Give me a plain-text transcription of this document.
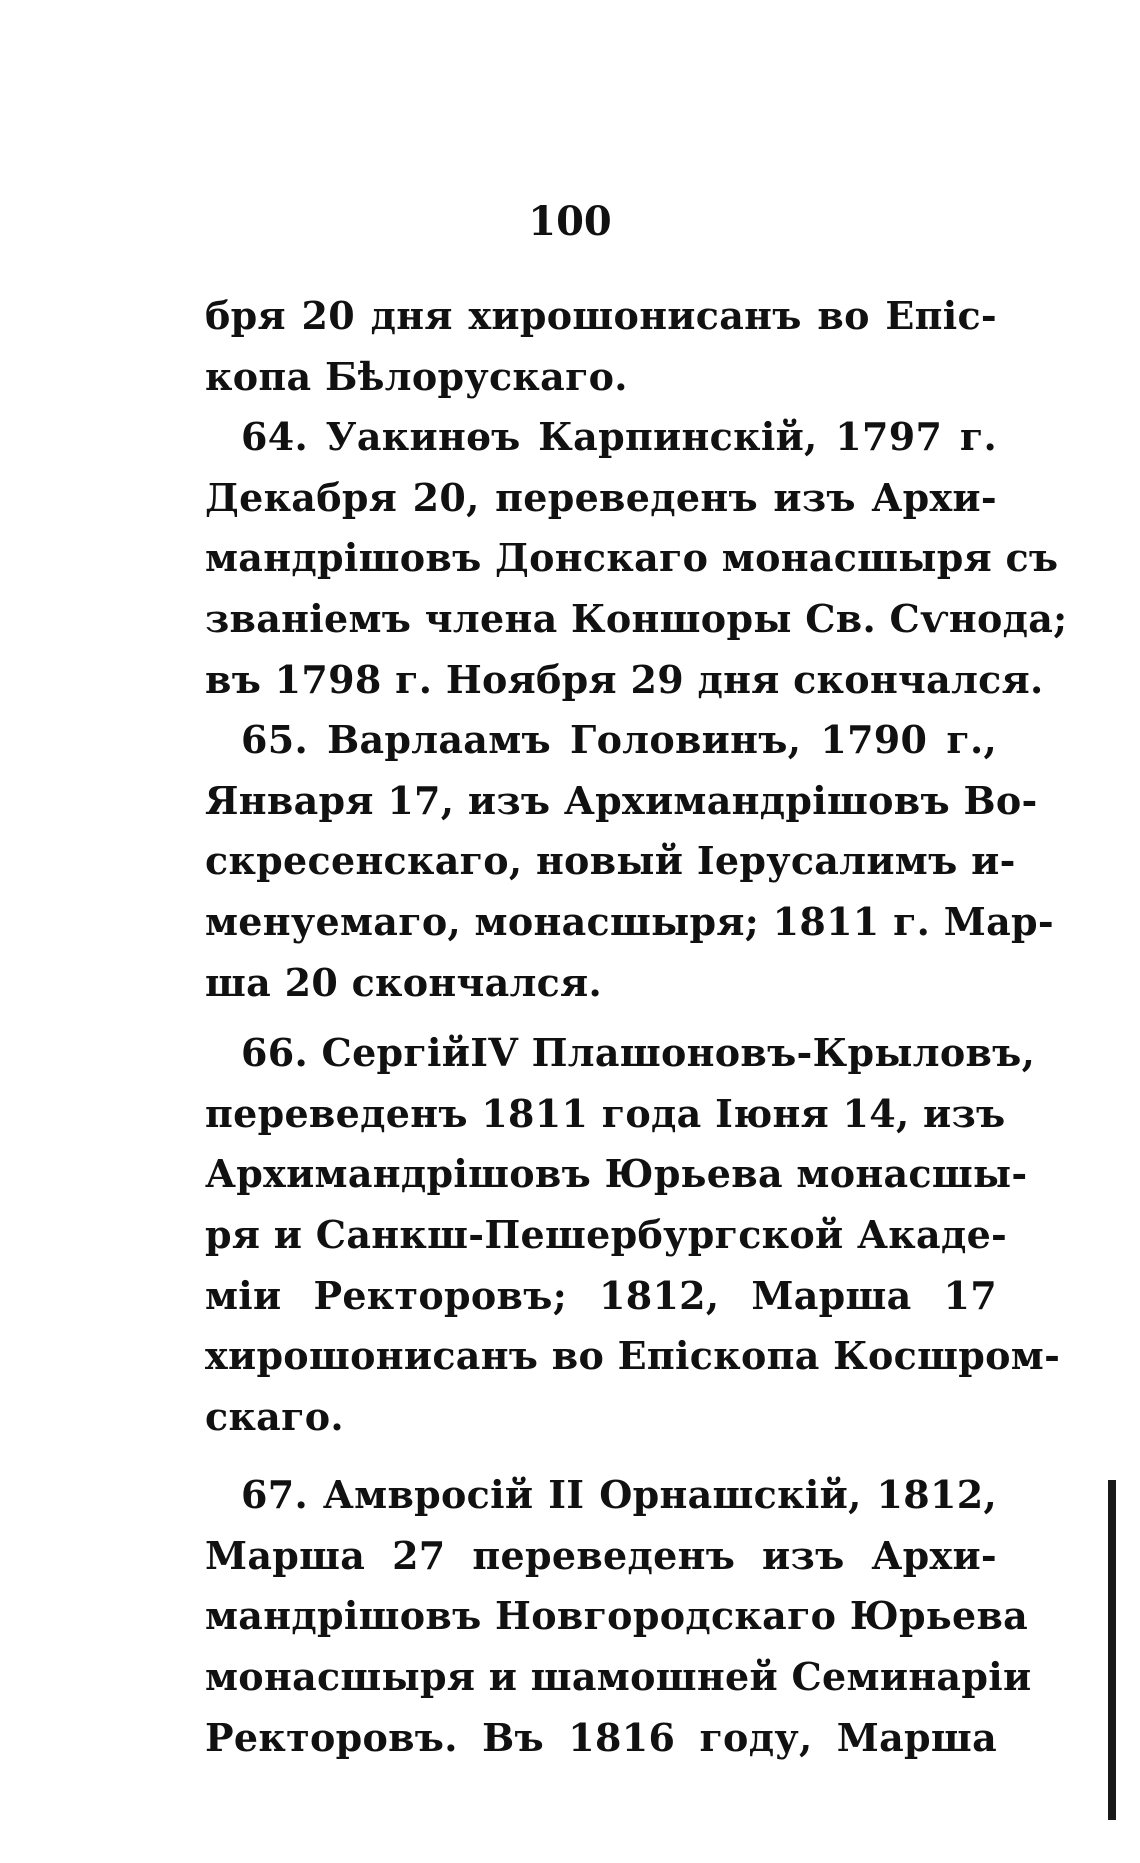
100
бря 20 дня хирошонисанъ во Епіс-
копа Бѣлорускаго.
64. Уакинѳъ Карпинскій, 1797 г.
Декабря 20, переведенъ изъ Архи-
мандрішовъ Донскаго монасшыря съ
званіемъ члена Коншоры Св. Сѵнода;
въ 1798 г. Ноября 29 дня скончался.
65. Варлаамъ Головинъ, 1790 г.,
Января 17, изъ Архимандрішовъ Во-
скресенскаго, новый Іерусалимъ и-
менуемаго, монасшыря; 1811 г. Мар-
ша 20 скончался.
66. СергійIV Плашоновъ-Крыловъ,
переведенъ 1811 года Іюня 14, изъ
Архимандрішовъ Юрьева монасшы-
ря и Санкш-Пешербургской Акаде-
міи Ректоровъ; 1812, Марша 17
хирошонисанъ во Епіскопа Косшром-
скаго.
67. Амвросій II Орнашскій, 1812,
Марша 27 переведенъ изъ Архи-
мандрішовъ Новгородскаго Юрьева
монасшыря и шамошней Семинаріи
Ректоровъ. Въ 1816 году, Марша
